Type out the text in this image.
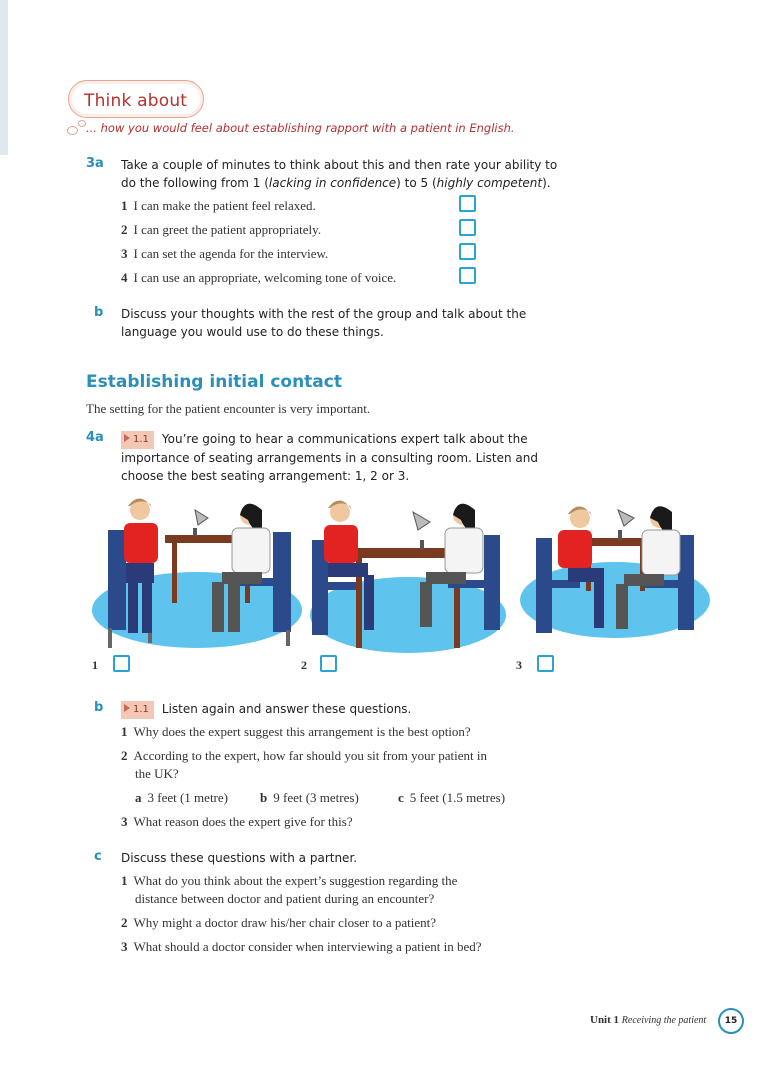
Think about
... how you would feel about establishing rapport with a patient in English.
3a Take a couple of minutes to think about this and then rate your ability to
do the following from 1 (lacking in confidence) to 5 (highly competent).
1 I can make the patient feel relaxed.
2 I can greet the patient appropriately.
3 I can set the agenda for the interview.
4 I can use an appropriate, welcoming tone of voice.
b Discuss your thoughts with the rest of the group and talk about the
language you would use to do these things.
Establishing initial contact
The setting for the patient encounter is very important.
4a	1.1 You’re going to hear a communications expert talk about the
importance of seating arrangements in a consulting room. Listen and
choose the best seating arrangement: 1, 2 or 3.
1	2	3
b	1.1 Listen again and answer these questions.
1 Why does the expert suggest this arrangement is the best option?
2 According to the expert, how far should you sit from your patient in
the UK?
a 3 feet (1 metre) b 9 feet (3 metres)	c 5 feet (1.5 metres)
3 What reason does the expert give for this?
c Discuss these questions with a partner.
1 What do you think about the expert’s suggestion regarding the
distance between doctor and patient during an encounter?
2 Why might a doctor draw his/her chair closer to a patient?
3 What should a doctor consider when interviewing a patient in bed?
Unit 1 Receiving the patient	15
